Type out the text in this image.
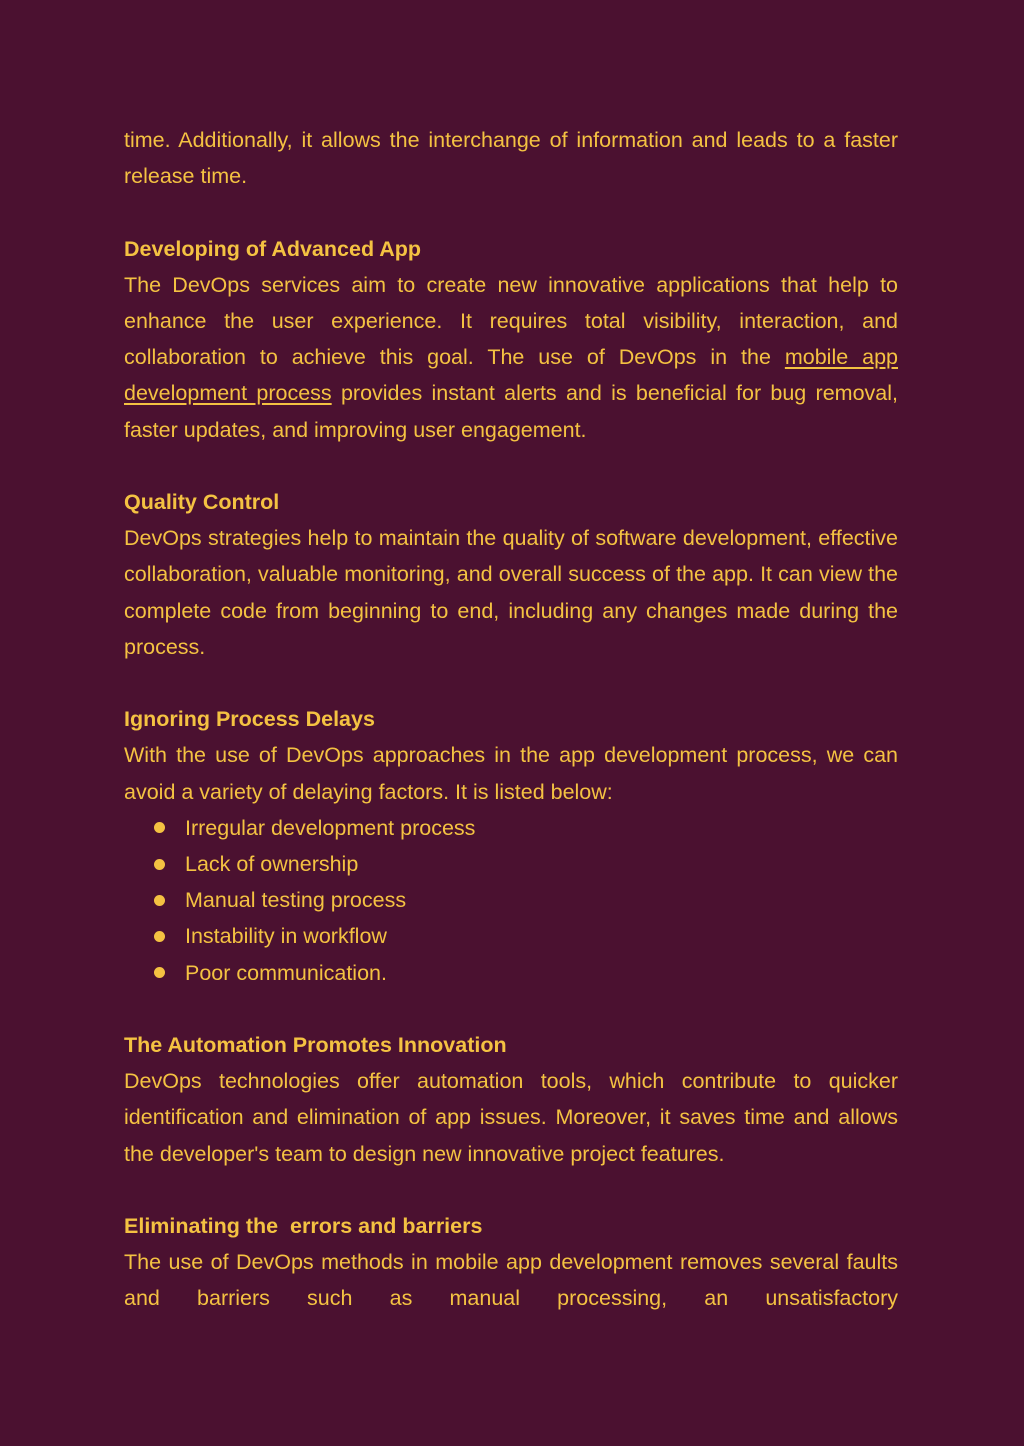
time. Additionally, it allows the interchange of information and leads to a faster release time.

Developing of Advanced App

The DevOps services aim to create new innovative applications that help to enhance the user experience. It requires total visibility, interaction, and collaboration to achieve this goal. The use of DevOps in the mobile app development process provides instant alerts and is beneficial for bug removal, faster updates, and improving user engagement.

Quality Control

DevOps strategies help to maintain the quality of software development, effective collaboration, valuable monitoring, and overall success of the app. It can view the complete code from beginning to end, including any changes made during the process.

Ignoring Process Delays

With the use of DevOps approaches in the app development process, we can avoid a variety of delaying factors. It is listed below:

Irregular development process
Lack of ownership
Manual testing process
Instability in workflow
Poor communication.
The Automation Promotes Innovation

DevOps technologies offer automation tools, which contribute to quicker identification and elimination of app issues. Moreover, it saves time and allows the developer's team to design new innovative project features.

Eliminating the  errors and barriers

The use of DevOps methods in mobile app development removes several faults and barriers such as manual processing, an unsatisfactory
